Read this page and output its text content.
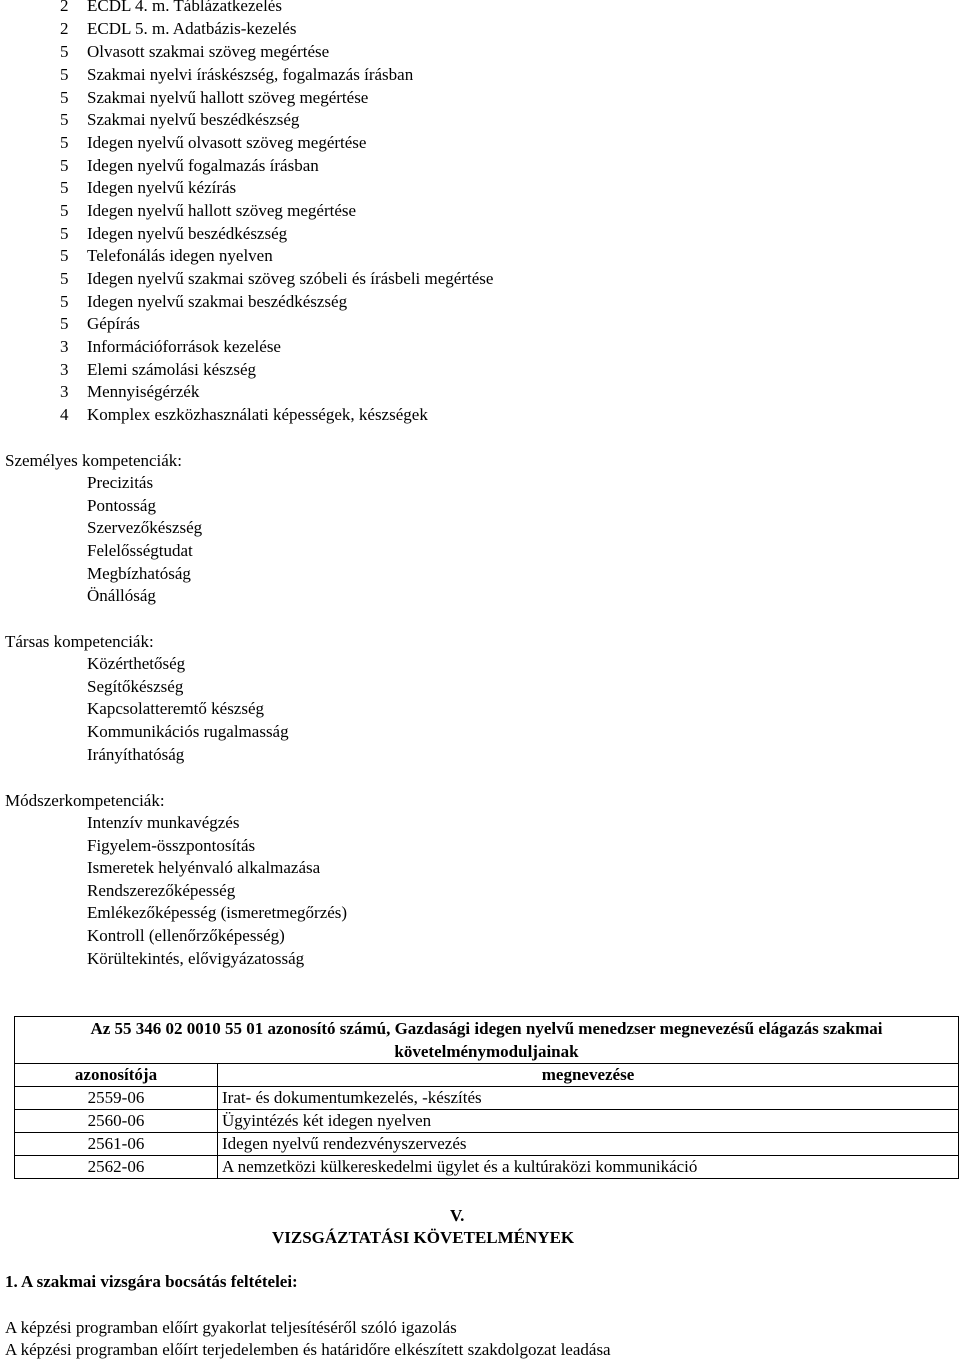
2 ECDL 4. m. Táblázatkezelés
2 ECDL 5. m. Adatbázis-kezelés
5 Olvasott szakmai szöveg megértése
5 Szakmai nyelvi íráskészség, fogalmazás írásban
5 Szakmai nyelvű hallott szöveg megértése
5 Szakmai nyelvű beszédkészség
5 Idegen nyelvű olvasott szöveg megértése
5 Idegen nyelvű fogalmazás írásban
5 Idegen nyelvű kézírás
5 Idegen nyelvű hallott szöveg megértése
5 Idegen nyelvű beszédkészség
5 Telefonálás idegen nyelven
5 Idegen nyelvű szakmai szöveg szóbeli és írásbeli megértése
5 Idegen nyelvű szakmai beszédkészség
5 Gépírás
3 Információforrások kezelése
3 Elemi számolási készség
3 Mennyiségérzék
4 Komplex eszközhasználati képességek, készségek
Személyes kompetenciák:
Precizitás
Pontosság
Szervezőkészség
Felelősségtudat
Megbízhatóság
Önállóság
Társas kompetenciák:
Közérthetőség
Segítőkészség
Kapcsolatteremtő készség
Kommunikációs rugalmasság
Irányíthatóság
Módszerkompetenciák:
Intenzív munkavégzés
Figyelem-összpontosítás
Ismeretek helyénvaló alkalmazása
Rendszerezőképesség
Emlékezőképesség (ismeretmegőrzés)
Kontroll (ellenőrzőképesség)
Körültekintés, elővigyázatosság
Az 55 346 02 0010 55 01 azonosító számú, Gazdasági idegen nyelvű menedzser megnevezésű elágazás szakmai követelménymoduljainak	
azonosítója	megnevezése
2559-06	Irat- és dokumentumkezelés, -készítés
2560-06	Ügyintézés két idegen nyelven
2561-06	Idegen nyelvű rendezvényszervezés
2562-06	A nemzetközi külkereskedelmi ügylet és a kultúraközi kommunikáció
V.
VIZSGÁZTATÁSI KÖVETELMÉNYEK
1. A szakmai vizsgára bocsátás feltételei:
A képzési programban előírt gyakorlat teljesítéséről szóló igazolás
A képzési programban előírt terjedelemben és határidőre elkészített szakdolgozat leadása
